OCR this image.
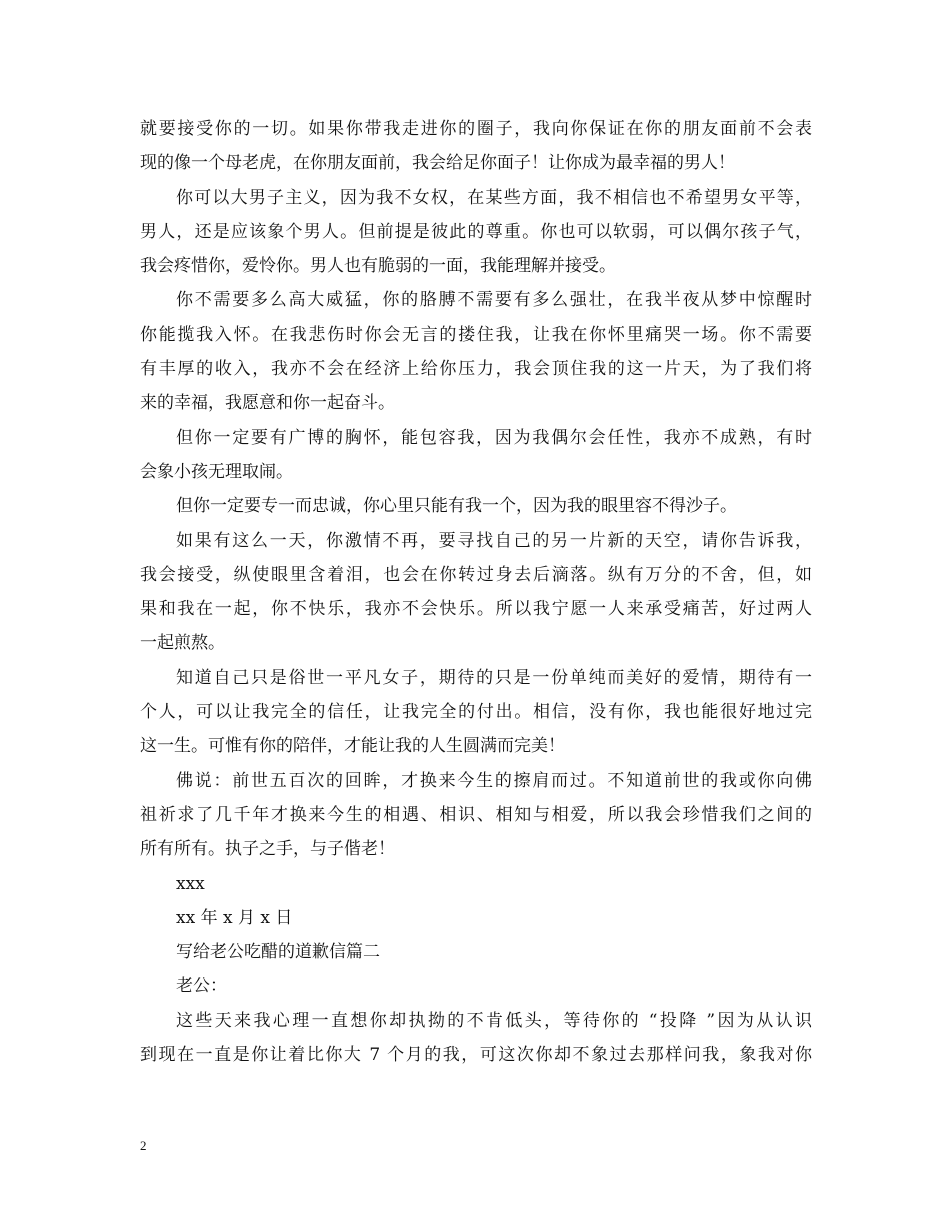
就要接受你的一切。如果你带我走进你的圈子，我向你保证在你的朋友面前不会表
现的像一个母老虎，在你朋友面前，我会给足你面子！让你成为最幸福的男人！
你可以大男子主义，因为我不女权，在某些方面，我不相信也不希望男女平等，
男人，还是应该象个男人。但前提是彼此的尊重。你也可以软弱，可以偶尔孩子气，
我会疼惜你，爱怜你。男人也有脆弱的一面，我能理解并接受。
你不需要多么高大威猛，你的胳膊不需要有多么强壮，在我半夜从梦中惊醒时
你能揽我入怀。在我悲伤时你会无言的搂住我，让我在你怀里痛哭一场。你不需要
有丰厚的收入，我亦不会在经济上给你压力，我会顶住我的这一片天，为了我们将
来的幸福，我愿意和你一起奋斗。
但你一定要有广博的胸怀，能包容我，因为我偶尔会任性，我亦不成熟，有时
会象小孩无理取闹。
但你一定要专一而忠诚，你心里只能有我一个，因为我的眼里容不得沙子。
如果有这么一天，你激情不再，要寻找自己的另一片新的天空，请你告诉我，
我会接受，纵使眼里含着泪，也会在你转过身去后滴落。纵有万分的不舍，但，如
果和我在一起，你不快乐，我亦不会快乐。所以我宁愿一人来承受痛苦，好过两人
一起煎熬。
知道自己只是俗世一平凡女子，期待的只是一份单纯而美好的爱情，期待有一
个人，可以让我完全的信任，让我完全的付出。相信，没有你，我也能很好地过完
这一生。可惟有你的陪伴，才能让我的人生圆满而完美！
佛说：前世五百次的回眸，才换来今生的擦肩而过。不知道前世的我或你向佛
祖祈求了几千年才换来今生的相遇、相识、相知与相爱，所以我会珍惜我们之间的
所有所有。执子之手，与子偕老！
xxx
xx 年 x 月 x 日
写给老公吃醋的道歉信篇二
老公：
这些天来我心理一直想你却执拗的不肯低头，等待你的 “投降 ”因为从认识
到现在一直是你让着比你大 7 个月的我，可这次你却不象过去那样问我，象我对你
2
